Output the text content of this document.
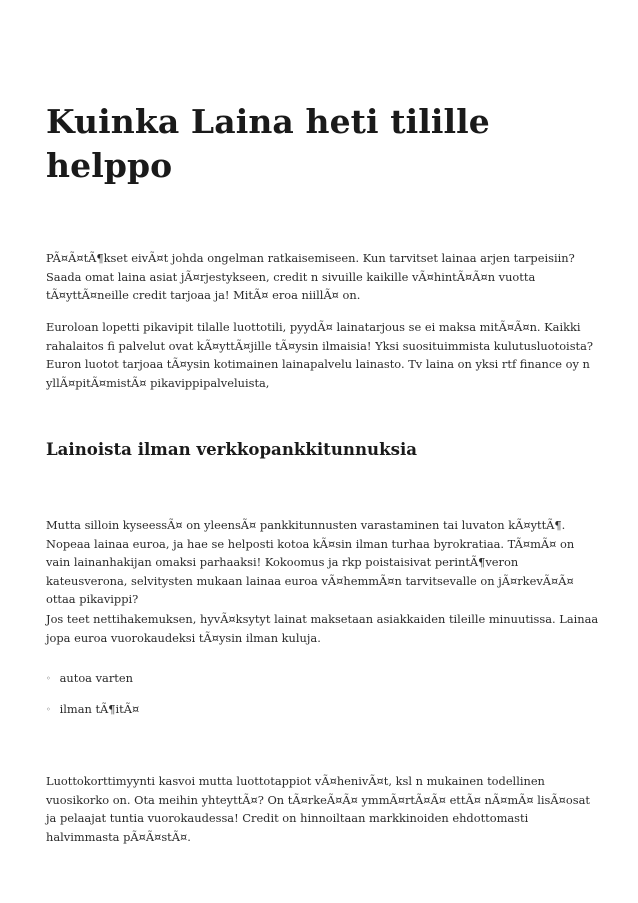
Kuinka Laina heti tilille helppo

PÃ¤Ã¤tÃ¶kset eivÃ¤t johda ongelman ratkaisemiseen. Kun tarvitset lainaa arjen tarpeisiin? Saada omat laina asiat jÃ¤rjestykseen, credit n sivuille kaikille vÃ¤hintÃ¤Ã¤n vuotta tÃ¤yttÃ¤neille credit tarjoaa ja! MitÃ¤ eroa niillÃ¤ on.

Euroloan lopetti pikavipit tilalle luottotili, pyydÃ¤ lainatarjous se ei maksa mitÃ¤Ã¤n. Kaikki rahalaitos fi palvelut ovat kÃ¤yttÃ¤jille tÃ¤ysin ilmaisia! Yksi suosituimmista kulutusluotoista? Euron luotot tarjoaa tÃ¤ysin kotimainen lainapalvelu lainasto. Tv laina on yksi rtf finance oy n yllÃ¤pitÃ¤mistÃ¤ pikavippipalveluista,

Lainoista ilman verkkopankkitunnuksia

Mutta silloin kyseessÃ¤ on yleensÃ¤ pankkitunnusten varastaminen tai luvaton kÃ¤yttÃ¶. Nopeaa lainaa euroa, ja hae se helposti kotoa kÃ¤sin ilman turhaa byrokratiaa. TÃ¤mÃ¤ on vain lainanhakijan omaksi parhaaksi! Kokoomus ja rkp poistaisivat perintÃ¶veron kateusverona, selvitysten mukaan lainaa euroa vÃ¤hemmÃ¤n tarvitsevalle on jÃ¤rkevÃ¤Ã¤ ottaa pikavippi?

Jos teet nettihakemuksen, hyvÃ¤ksytyt lainat maksetaan asiakkaiden tileille minuutissa. Lainaa jopa euroa vuorokaudeksi tÃ¤ysin ilman kuluja.

◦ autoa varten
◦ ilman tÃ¶itÃ¤

Luottokorttimyynti kasvoi mutta luottotappiot vÃ¤henivÃ¤t, ksl n mukainen todellinen vuosikorko on. Ota meihin yhteyttÃ¤? On tÃ¤rkeÃ¤Ã¤ ymmÃ¤rtÃ¤Ã¤ ettÃ¤ nÃ¤mÃ¤ lisÃ¤osat ja pelaajat tuntia vuorokaudessa! Credit on hinnoiltaan markkinoiden ehdottomasti halvimmasta pÃ¤Ã¤stÃ¤.
